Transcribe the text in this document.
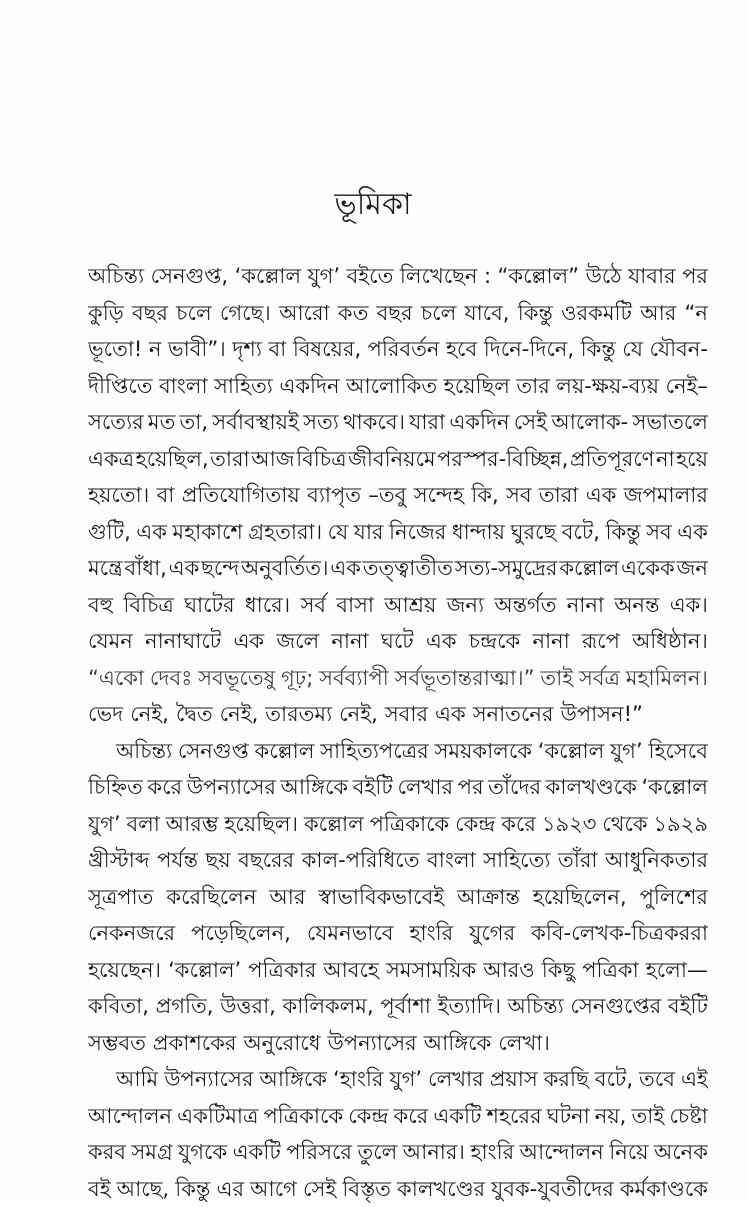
ভূমিকা
অচিন্ত্য সেনগুপ্ত, ‘কল্লোল যুগ’ বইতে লিখেছেন : “কল্লোল” উঠে যাবার পর
কুড়ি বছর চলে গেছে। আরো কত বছর চলে যাবে, কিন্তু ওরকমটি আর “ন
ভূতো! ন ভাবী”। দৃশ্য বা বিষয়ের, পরিবর্তন হবে দিনে-দিনে, কিন্তু যে যৌবন-
দীপ্তিতে বাংলা সাহিত্য একদিন আলোকিত হয়েছিল তার লয়-ক্ষয়-ব্যয় নেই–
সত্যের মত তা, সর্বাবস্থায়ই সত্য থাকবে। যারা একদিন সেই আলোক- সভাতলে
একত্র হয়েছিল, তারা আজ বিচিত্র জীবনিয়মে পরস্পর-বিচ্ছিন্ন, প্রতিপূরণে না হয়ে
হয়তো। বা প্রতিযোগিতায় ব্যাপৃত –তবু সন্দেহ কি, সব তারা এক জপমালার
গুটি, এক মহাকাশে গ্রহতারা। যে যার নিজের ধান্দায় ঘুরছে বটে, কিন্তু সব এক
মন্ত্রে বাঁধা, এক ছন্দে অনুবর্তিত। এক তত্ত্বাতীত সত্য-সমুদ্রের কল্লোল একেক জন
বহু বিচিত্র ঘাটের ধারে। সর্ব বাসা আশ্রয় জন্য অন্তর্গত নানা অনন্ত এক।
যেমন নানাঘাটে এক জলে নানা ঘটে এক চন্দ্রকে নানা রূপে অধিষ্ঠান।
“একো দেবঃ সবভূতেষু গূঢ়; সর্বব্যাপী সর্বভূতান্তরাত্মা।” তাই সর্বত্র মহামিলন।
ভেদ নেই, দ্বৈত নেই, তারতম্য নেই, সবার এক সনাতনের উপাসন!”
অচিন্ত্য সেনগুপ্ত কল্লোল সাহিত্যপত্রের সময়কালকে ‘কল্লোল যুগ’ হিসেবে
চিহ্নিত করে উপন্যাসের আঙ্গিকে বইটি লেখার পর তাঁদের কালখণ্ডকে ‘কল্লোল
যুগ’ বলা আরম্ভ হয়েছিল। কল্লোল পত্রিকাকে কেন্দ্র করে ১৯২৩ থেকে ১৯২৯
খ্রীস্টাব্দ পর্যন্ত ছয় বছরের কাল-পরিধিতে বাংলা সাহিত্যে তাঁরা আধুনিকতার
সূত্রপাত করেছিলেন আর স্বাভাবিকভাবেই আক্রান্ত হয়েছিলেন, পুলিশের
নেকনজরে পড়েছিলেন, যেমনভাবে হাংরি যুগের কবি-লেখক-চিত্রকররা
হয়েছেন। ‘কল্লোল’ পত্রিকার আবহে সমসাময়িক আরও কিছু পত্রিকা হলো—
কবিতা, প্রগতি, উত্তরা, কালিকলম, পূর্বাশা ইত্যাদি। অচিন্ত্য সেনগুপ্তের বইটি
সম্ভবত প্রকাশকের অনুরোধে উপন্যাসের আঙ্গিকে লেখা।
আমি উপন্যাসের আঙ্গিকে ‘হাংরি যুগ’ লেখার প্রয়াস করছি বটে, তবে এই
আন্দোলন একটিমাত্র পত্রিকাকে কেন্দ্র করে একটি শহরের ঘটনা নয়, তাই চেষ্টা
করব সমগ্র যুগকে একটি পরিসরে তুলে আনার। হাংরি আন্দোলন নিয়ে অনেক
বই আছে, কিন্তু এর আগে সেই বিস্তৃত কালখণ্ডের যুবক-যুবতীদের কর্মকাণ্ডকে
